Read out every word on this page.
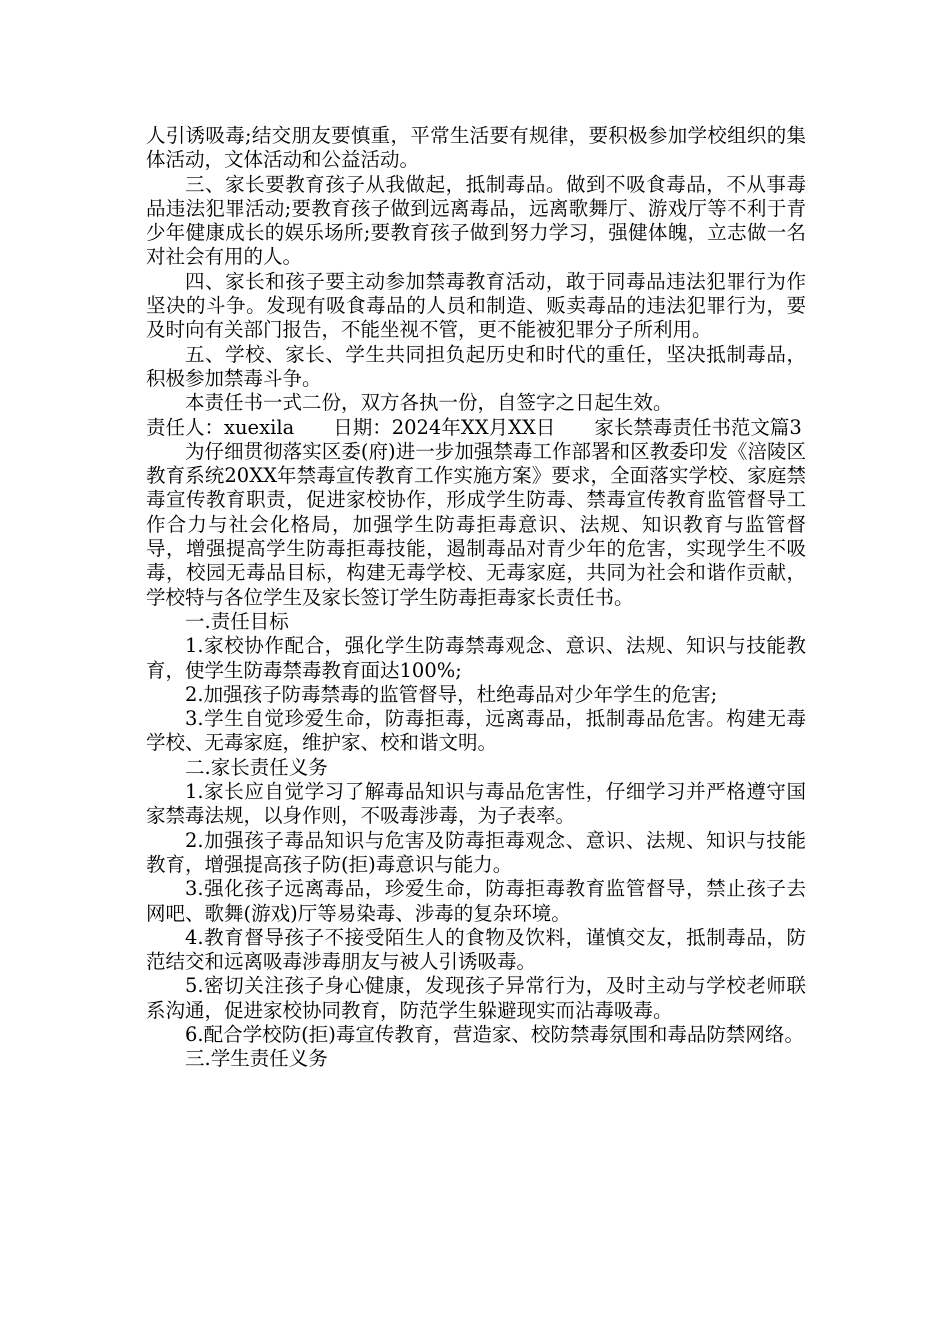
人引诱吸毒;结交朋友要慎重，平常生活要有规律，要积极参加学校组织的集体活动，文体活动和公益活动。

三、家长要教育孩子从我做起，抵制毒品。做到不吸食毒品，不从事毒品违法犯罪活动;要教育孩子做到远离毒品，远离歌舞厅、游戏厅等不利于青少年健康成长的娱乐场所;要教育孩子做到努力学习，强健体魄，立志做一名对社会有用的人。

四、家长和孩子要主动参加禁毒教育活动，敢于同毒品违法犯罪行为作坚决的斗争。发现有吸食毒品的人员和制造、贩卖毒品的违法犯罪行为，要及时向有关部门报告，不能坐视不管，更不能被犯罪分子所利用。

五、学校、家长、学生共同担负起历史和时代的重任，坚决抵制毒品，积极参加禁毒斗争。

本责任书一式二份，双方各执一份，自签字之日起生效。

责任人：xuexila　　日期：2024年XX月XX日　　家长禁毒责任书范文篇3

为仔细贯彻落实区委(府)进一步加强禁毒工作部署和区教委印发《涪陵区教育系统20XX年禁毒宣传教育工作实施方案》要求，全面落实学校、家庭禁毒宣传教育职责，促进家校协作，形成学生防毒、禁毒宣传教育监管督导工作合力与社会化格局，加强学生防毒拒毒意识、法规、知识教育与监管督导，增强提高学生防毒拒毒技能，遏制毒品对青少年的危害，实现学生不吸毒，校园无毒品目标，构建无毒学校、无毒家庭，共同为社会和谐作贡献，学校特与各位学生及家长签订学生防毒拒毒家长责任书。

一.责任目标

1.家校协作配合，强化学生防毒禁毒观念、意识、法规、知识与技能教育，使学生防毒禁毒教育面达100%;

2.加强孩子防毒禁毒的监管督导，杜绝毒品对少年学生的危害;

3.学生自觉珍爱生命，防毒拒毒，远离毒品，抵制毒品危害。构建无毒学校、无毒家庭，维护家、校和谐文明。

二.家长责任义务

1.家长应自觉学习了解毒品知识与毒品危害性，仔细学习并严格遵守国家禁毒法规，以身作则，不吸毒涉毒，为子表率。

2.加强孩子毒品知识与危害及防毒拒毒观念、意识、法规、知识与技能教育，增强提高孩子防(拒)毒意识与能力。

3.强化孩子远离毒品，珍爱生命，防毒拒毒教育监管督导，禁止孩子去网吧、歌舞(游戏)厅等易染毒、涉毒的复杂环境。

4.教育督导孩子不接受陌生人的食物及饮料，谨慎交友，抵制毒品，防范结交和远离吸毒涉毒朋友与被人引诱吸毒。

5.密切关注孩子身心健康，发现孩子异常行为，及时主动与学校老师联系沟通，促进家校协同教育，防范学生躲避现实而沾毒吸毒。

6.配合学校防(拒)毒宣传教育，营造家、校防禁毒氛围和毒品防禁网络。

三.学生责任义务
